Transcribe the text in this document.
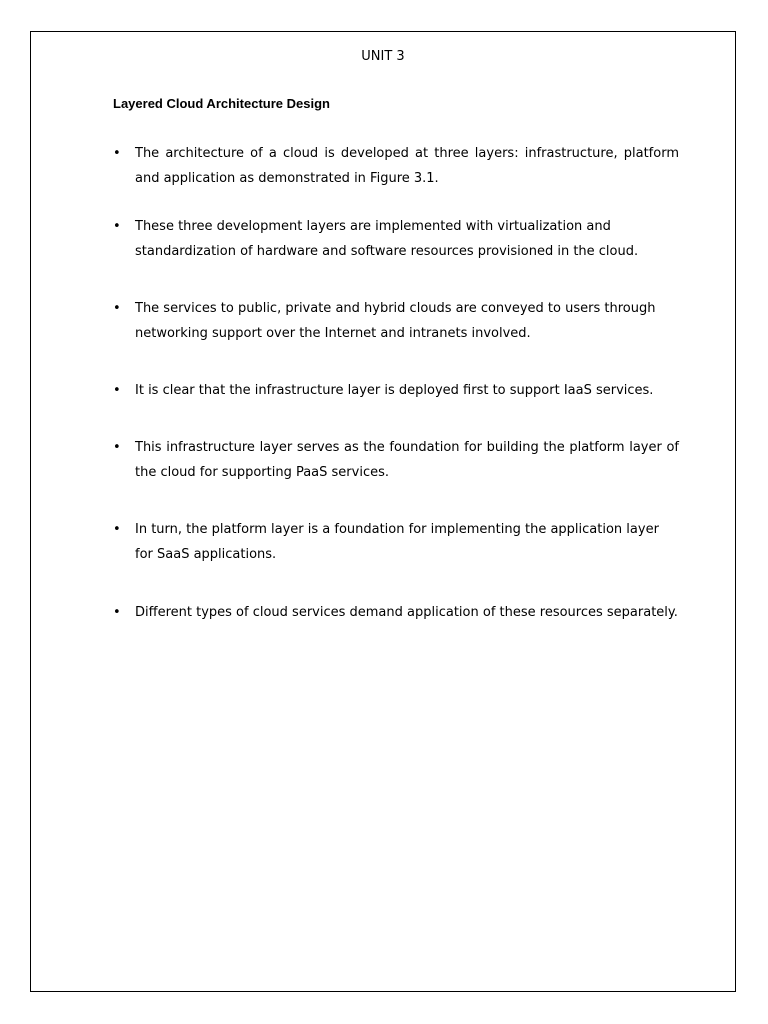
UNIT 3
Layered Cloud Architecture Design
•	The architecture of a cloud is developed at three layers: infrastructure, platform and application as demonstrated in Figure 3.1.
•	These three development layers are implemented with virtualization and standardization of hardware and software resources provisioned in the cloud.
•	The services to public, private and hybrid clouds are conveyed to users through networking support over the Internet and intranets involved.
•	It is clear that the infrastructure layer is deployed first to support IaaS services.
•	This infrastructure layer serves as the foundation for building the platform layer of the cloud for supporting PaaS services.
•	In turn, the platform layer is a foundation for implementing the application layer for SaaS applications.
•	Different types of cloud services demand application of these resources separately.
